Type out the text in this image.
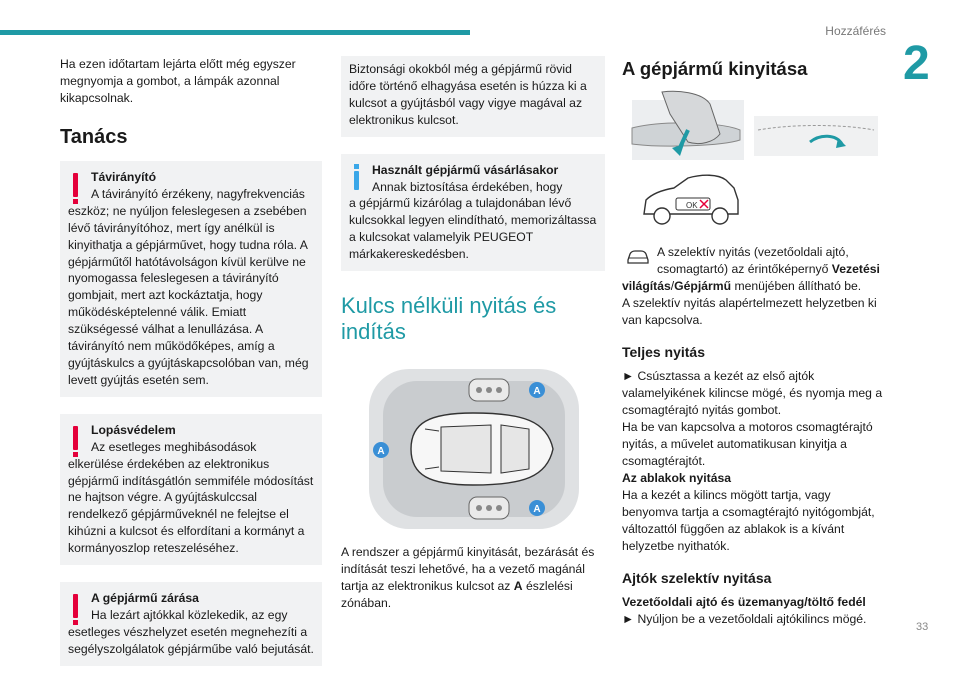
Hozzáférés
2
33

Ha ezen időtartam lejárta előtt még egyszer megnyomja a gombot, a lámpák azonnal kikapcsolnak.

Tanács
Távirányító
A távirányító érzékeny, nagyfrekvenciás
eszköz; ne nyúljon feleslegesen a zsebében lévő távirányítóhoz, mert így anélkül is kinyithatja a gépjárművet, hogy tudna róla. A gépjárműtől hatótávolságon kívül kerülve ne nyomogassa feleslegesen a távirányító gombjait, mert azt kockáztatja, hogy működésképtelenné válik. Emiatt szükségessé válhat a lenullázása. A távirányító nem működőképes, amíg a gyújtáskulcs a gyújtáskapcsolóban van, még levett gyújtás esetén sem.
Lopásvédelem
Az esetleges meghibásodások
elkerülése érdekében az elektronikus gépjármű indításgátlón semmiféle módosítást ne hajtson végre. A gyújtáskulccsal rendelkező gépjárműveknél ne felejtse el kihúzni a kulcsot és elfordítani a kormányt a kormányoszlop reteszeléséhez.
A gépjármű zárása
Ha lezárt ajtókkal közlekedik, az egy
esetleges vészhelyzet esetén megnehezíti a segélyszolgálatok gépjárműbe való bejutását.
Biztonsági okokból még a gépjármű rövid időre történő elhagyása esetén is húzza ki a kulcsot a gyújtásból vagy vigye magával az elektronikus kulcsot.
Használt gépjármű vásárlásakor
Annak biztosítása érdekében, hogy
a gépjármű kizárólag a tulajdonában lévő kulcsokkal legyen elindítható, memorizáltassa a kulcsokat valamelyik PEUGEOT márkakereskedésben.
Kulcs nélküli nyitás és indítás
A
A
A

A rendszer a gépjármű kinyitását, bezárását és indítását teszi lehetővé, ha a vezető magánál tartja az elektronikus kulcsot az A észlelési zónában.

A gépjármű kinyitása
OK

A szelektív nyitás (vezetőoldali ajtó,

csomagtartó) az érintőképernyő Vezetési

világítás/Gépjármű menüjében állítható be.

A szelektív nyitás alapértelmezett helyzetben ki van kapcsolva.

Teljes nyitás

► Csúsztassa a kezét az első ajtók valamelyikének kilincse mögé, és nyomja meg a csomagtérajtó nyitás gombot.

Ha be van kapcsolva a motoros csomagtérajtó nyitás, a művelet automatikusan kinyitja a csomagtérajtót.

Az ablakok nyitása

Ha a kezét a kilincs mögött tartja, vagy benyomva tartja a csomagtérajtó nyitógombját, változattól függően az ablakok is a kívánt helyzetbe nyithatók.

Ajtók szelektív nyitása

Vezetőoldali ajtó és üzemanyag/töltő fedél

► Nyúljon be a vezetőoldali ajtókilincs mögé.
